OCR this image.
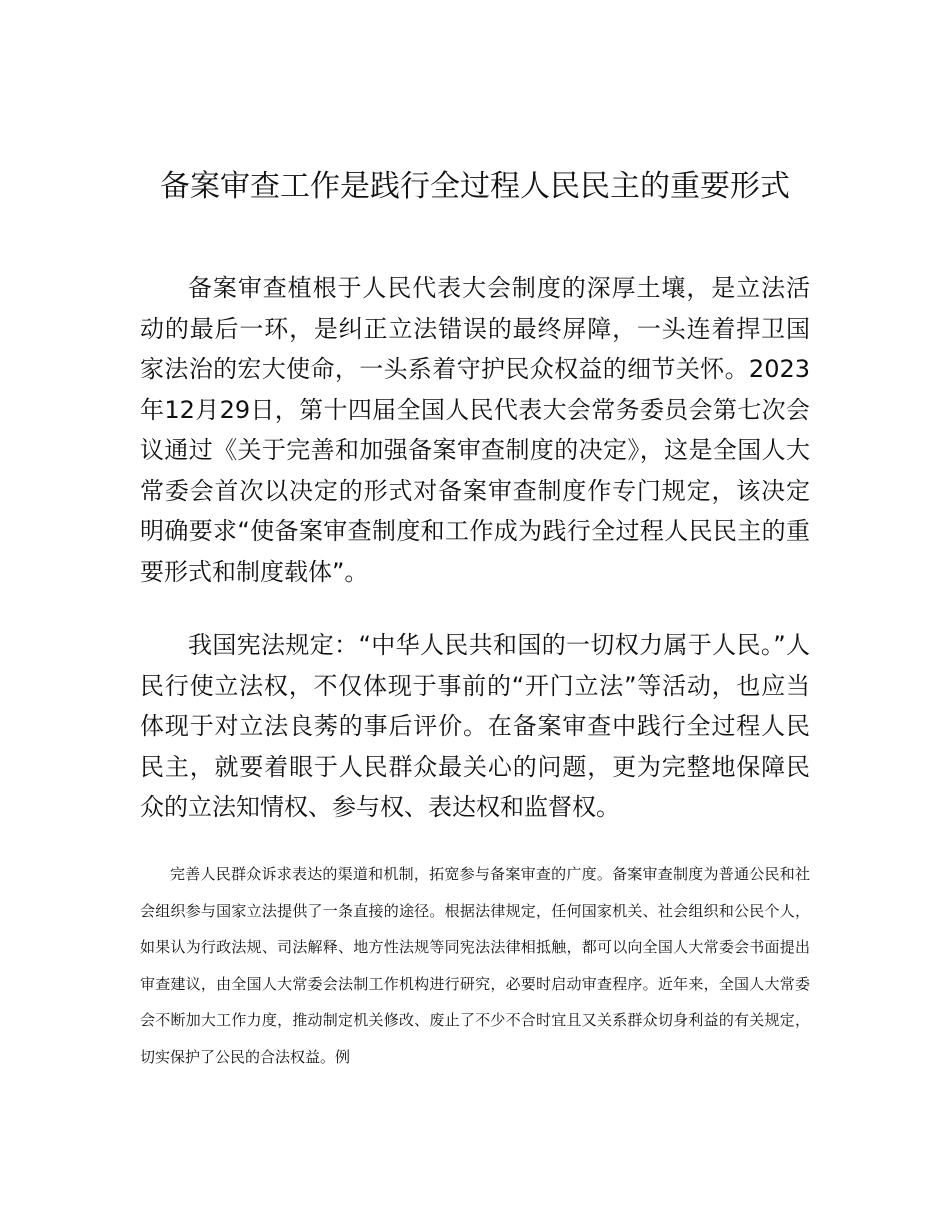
备案审查工作是践行全过程人民民主的重要形式

备案审查植根于人民代表大会制度的深厚土壤，是立法活动的最后一环，是纠正立法错误的最终屏障，一头连着捍卫国家法治的宏大使命，一头系着守护民众权益的细节关怀。2023年12月29日，第十四届全国人民代表大会常务委员会第七次会议通过《关于完善和加强备案审查制度的决定》，这是全国人大常委会首次以决定的形式对备案审查制度作专门规定，该决定明确要求“使备案审查制度和工作成为践行全过程人民民主的重要形式和制度载体”。

我国宪法规定：“中华人民共和国的一切权力属于人民。”人民行使立法权，不仅体现于事前的“开门立法”等活动，也应当体现于对立法良莠的事后评价。在备案审查中践行全过程人民民主，就要着眼于人民群众最关心的问题，更为完整地保障民众的立法知情权、参与权、表达权和监督权。

完善人民群众诉求表达的渠道和机制，拓宽参与备案审查的广度。备案审查制度为普通公民和社会组织参与国家立法提供了一条直接的途径。根据法律规定，任何国家机关、社会组织和公民个人，如果认为行政法规、司法解释、地方性法规等同宪法法律相抵触，都可以向全国人大常委会书面提出审查建议，由全国人大常委会法制工作机构进行研究，必要时启动审查程序。近年来，全国人大常委会不断加大工作力度，推动制定机关修改、废止了不少不合时宜且又关系群众切身利益的有关规定，切实保护了公民的合法权益。例
